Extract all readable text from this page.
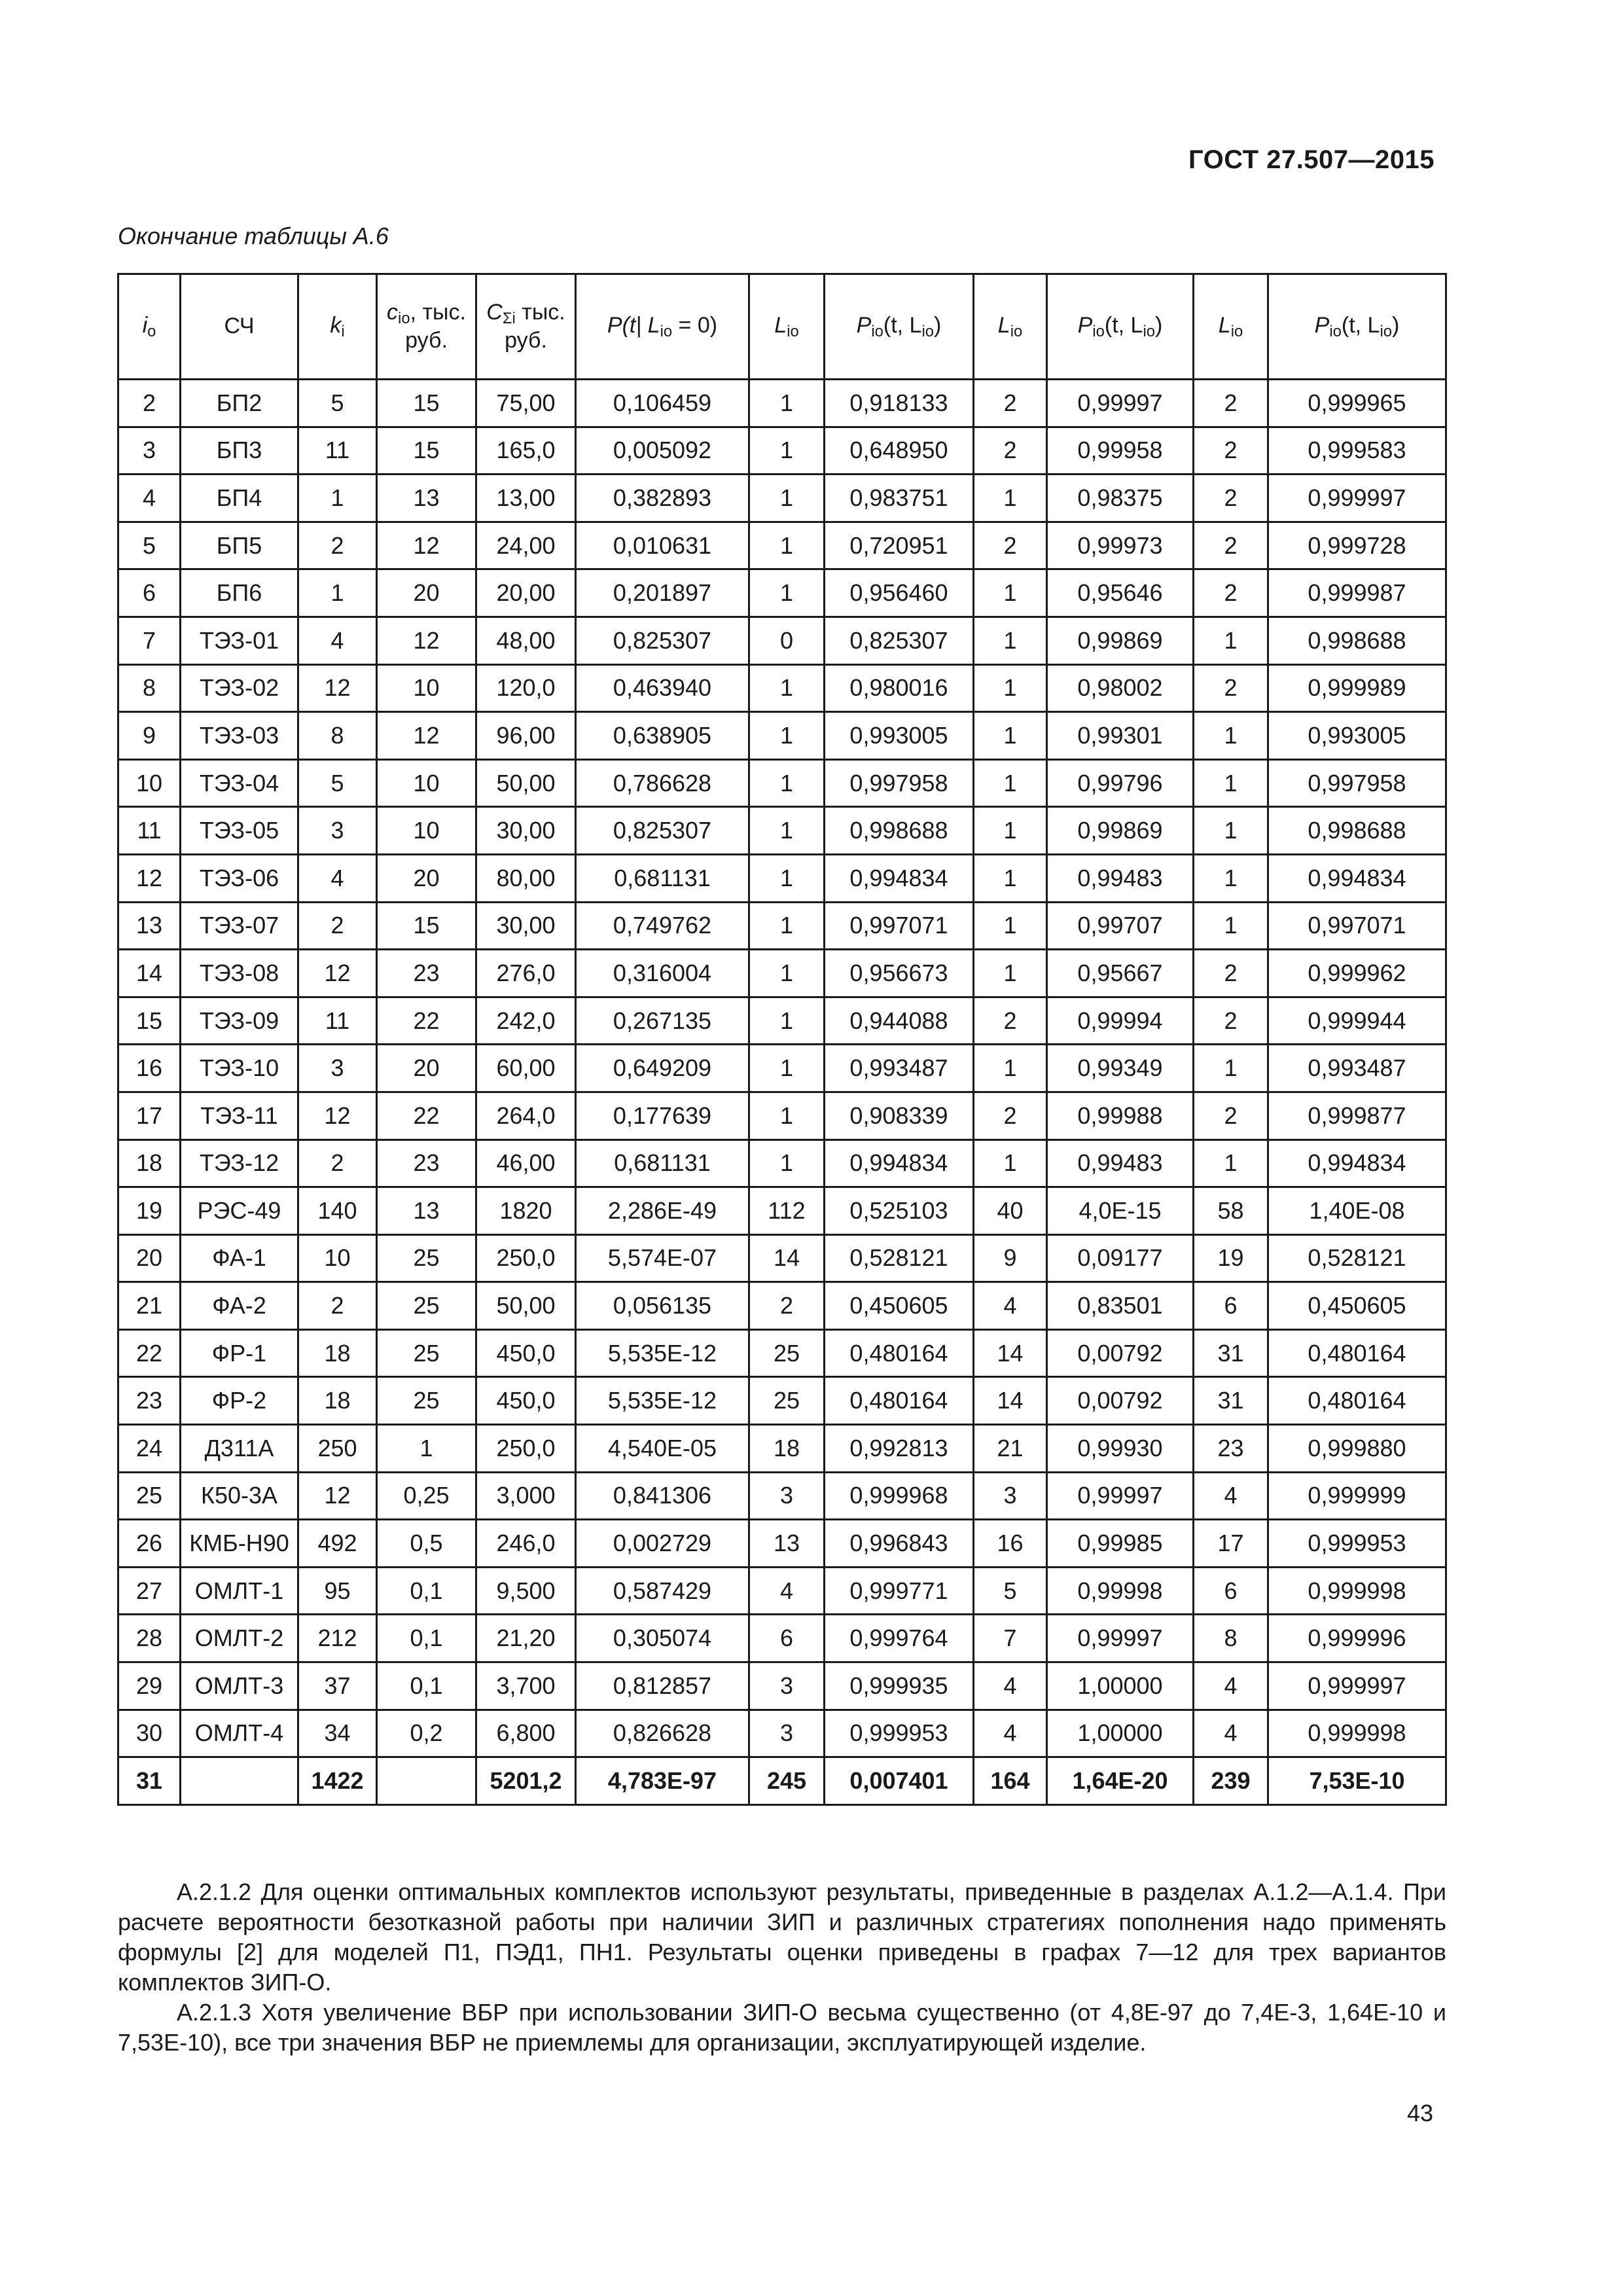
ГОСТ 27.507—2015
Окончание таблицы А.6
$i_o$	СЧ	$k_i$	$c_{io}$, тыс. руб.	$C_{\Sigma i}$ тыс. руб.	P(t| $L_{io} = 0$)	$L_{io}$	$P_{io}(t$, $L_{io}$)	$L_{io}$	$P_{io}(t$, $L_{io}$)	$L_{io}$	$P_{io}(t$, $L_{io}$)
2	БП2	5	15	75,00	0,106459	1	0,918133	2	0,99997	2	0,999965
3	БП3	11	15	165,0	0,005092	1	0,648950	2	0,99958	2	0,999583
4	БП4	1	13	13,00	0,382893	1	0,983751	1	0,98375	2	0,999997
5	БП5	2	12	24,00	0,010631	1	0,720951	2	0,99973	2	0,999728
6	БП6	1	20	20,00	0,201897	1	0,956460	1	0,95646	2	0,999987
7	ТЭЗ-01	4	12	48,00	0,825307	0	0,825307	1	0,99869	1	0,998688
8	ТЭЗ-02	12	10	120,0	0,463940	1	0,980016	1	0,98002	2	0,999989
9	ТЭЗ-03	8	12	96,00	0,638905	1	0,993005	1	0,99301	1	0,993005
10	ТЭЗ-04	5	10	50,00	0,786628	1	0,997958	1	0,99796	1	0,997958
11	ТЭЗ-05	3	10	30,00	0,825307	1	0,998688	1	0,99869	1	0,998688
12	ТЭЗ-06	4	20	80,00	0,681131	1	0,994834	1	0,99483	1	0,994834
13	ТЭЗ-07	2	15	30,00	0,749762	1	0,997071	1	0,99707	1	0,997071
14	ТЭЗ-08	12	23	276,0	0,316004	1	0,956673	1	0,95667	2	0,999962
15	ТЭЗ-09	11	22	242,0	0,267135	1	0,944088	2	0,99994	2	0,999944
16	ТЭЗ-10	3	20	60,00	0,649209	1	0,993487	1	0,99349	1	0,993487
17	ТЭЗ-11	12	22	264,0	0,177639	1	0,908339	2	0,99988	2	0,999877
18	ТЭЗ-12	2	23	46,00	0,681131	1	0,994834	1	0,99483	1	0,994834
19	РЭС-49	140	13	1820	2,286E-49	112	0,525103	40	4,0E-15	58	1,40E-08
20	ФА-1	10	25	250,0	5,574E-07	14	0,528121	9	0,09177	19	0,528121
21	ФА-2	2	25	50,00	0,056135	2	0,450605	4	0,83501	6	0,450605
22	ФР-1	18	25	450,0	5,535E-12	25	0,480164	14	0,00792	31	0,480164
23	ФР-2	18	25	450,0	5,535E-12	25	0,480164	14	0,00792	31	0,480164
24	Д311А	250	1	250,0	4,540E-05	18	0,992813	21	0,99930	23	0,999880
25	К50-3А	12	0,25	3,000	0,841306	3	0,999968	3	0,99997	4	0,999999
26	КМБ-Н90	492	0,5	246,0	0,002729	13	0,996843	16	0,99985	17	0,999953
27	ОМЛТ-1	95	0,1	9,500	0,587429	4	0,999771	5	0,99998	6	0,999998
28	ОМЛТ-2	212	0,1	21,20	0,305074	6	0,999764	7	0,99997	8	0,999996
29	ОМЛТ-3	37	0,1	3,700	0,812857	3	0,999935	4	1,00000	4	0,999997
30	ОМЛТ-4	34	0,2	6,800	0,826628	3	0,999953	4	1,00000	4	0,999998
31		1422		5201,2	4,783E-97	245	0,007401	164	1,64E-20	239	7,53E-10

А.2.1.2 Для оценки оптимальных комплектов используют результаты, приведенные в разделах А.1.2—А.1.4. При расчете вероятности безотказной работы при наличии ЗИП и различных стратегиях пополнения надо применять формулы [2] для моделей П1, ПЭД1, ПН1. Результаты оценки приведены в графах 7—12 для трех вариантов комплектов ЗИП-О.

А.2.1.3 Хотя увеличение ВБР при использовании ЗИП-О весьма существенно (от 4,8Е-97 до 7,4Е-3, 1,64Е-10 и 7,53Е-10), все три значения ВБР не приемлемы для организации, эксплуатирующей изделие.

43
